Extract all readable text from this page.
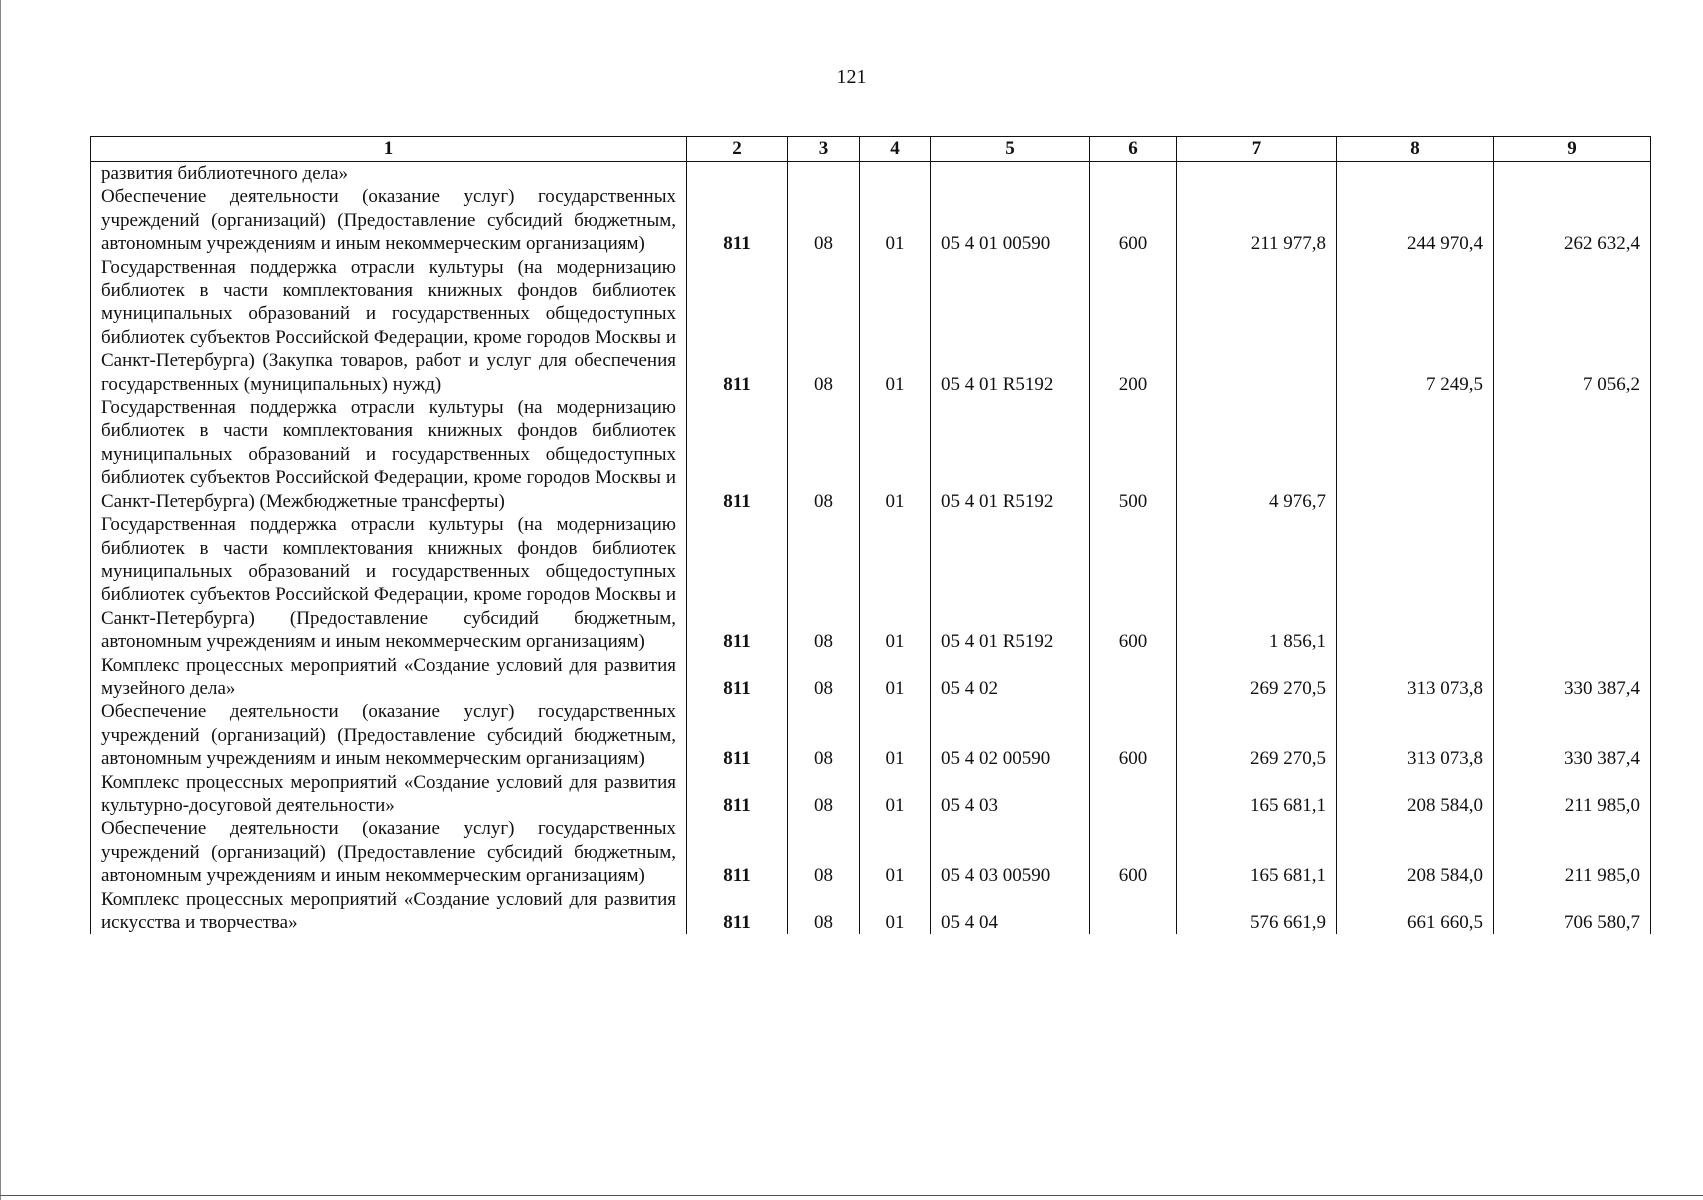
121
1	2	3	4	5	6	7	8	9
развития библиотечного дела»								
Обеспечение деятельности (оказание услуг) государственных учреждений (организаций) (Предоставление субсидий бюджетным, автономным учреждениям и иным некоммерческим организациям)	811	08	01	05 4 01 00590	600	211 977,8	244 970,4	262 632,4
Государственная поддержка отрасли культуры (на модернизацию библиотек в части комплектования книжных фондов библиотек муниципальных образований и государственных общедоступных библиотек субъектов Российской Федерации, кроме городов Москвы и Санкт-Петербурга) (Закупка товаров, работ и услуг для обеспечения государственных (муниципальных) нужд)	811	08	01	05 4 01 R5192	200		7 249,5	7 056,2
Государственная поддержка отрасли культуры (на модернизацию библиотек в части комплектования книжных фондов библиотек муниципальных образований и государственных общедоступных библиотек субъектов Российской Федерации, кроме городов Москвы и Санкт-Петербурга) (Межбюджетные трансферты)	811	08	01	05 4 01 R5192	500	4 976,7		
Государственная поддержка отрасли культуры (на модернизацию библиотек в части комплектования книжных фондов библиотек муниципальных образований и государственных общедоступных библиотек субъектов Российской Федерации, кроме городов Москвы и Санкт-Петербурга) (Предоставление субсидий бюджетным, автономным учреждениям и иным некоммерческим организациям)	811	08	01	05 4 01 R5192	600	1 856,1		
Комплекс процессных мероприятий «Создание условий для развития музейного дела»	811	08	01	05 4 02		269 270,5	313 073,8	330 387,4
Обеспечение деятельности (оказание услуг) государственных учреждений (организаций) (Предоставление субсидий бюджетным, автономным учреждениям и иным некоммерческим организациям)	811	08	01	05 4 02 00590	600	269 270,5	313 073,8	330 387,4
Комплекс процессных мероприятий «Создание условий для развития культурно-досуговой деятельности»	811	08	01	05 4 03		165 681,1	208 584,0	211 985,0
Обеспечение деятельности (оказание услуг) государственных учреждений (организаций) (Предоставление субсидий бюджетным, автономным учреждениям и иным некоммерческим организациям)	811	08	01	05 4 03 00590	600	165 681,1	208 584,0	211 985,0
Комплекс процессных мероприятий «Создание условий для развития искусства и творчества»	811	08	01	05 4 04		576 661,9	661 660,5	706 580,7
